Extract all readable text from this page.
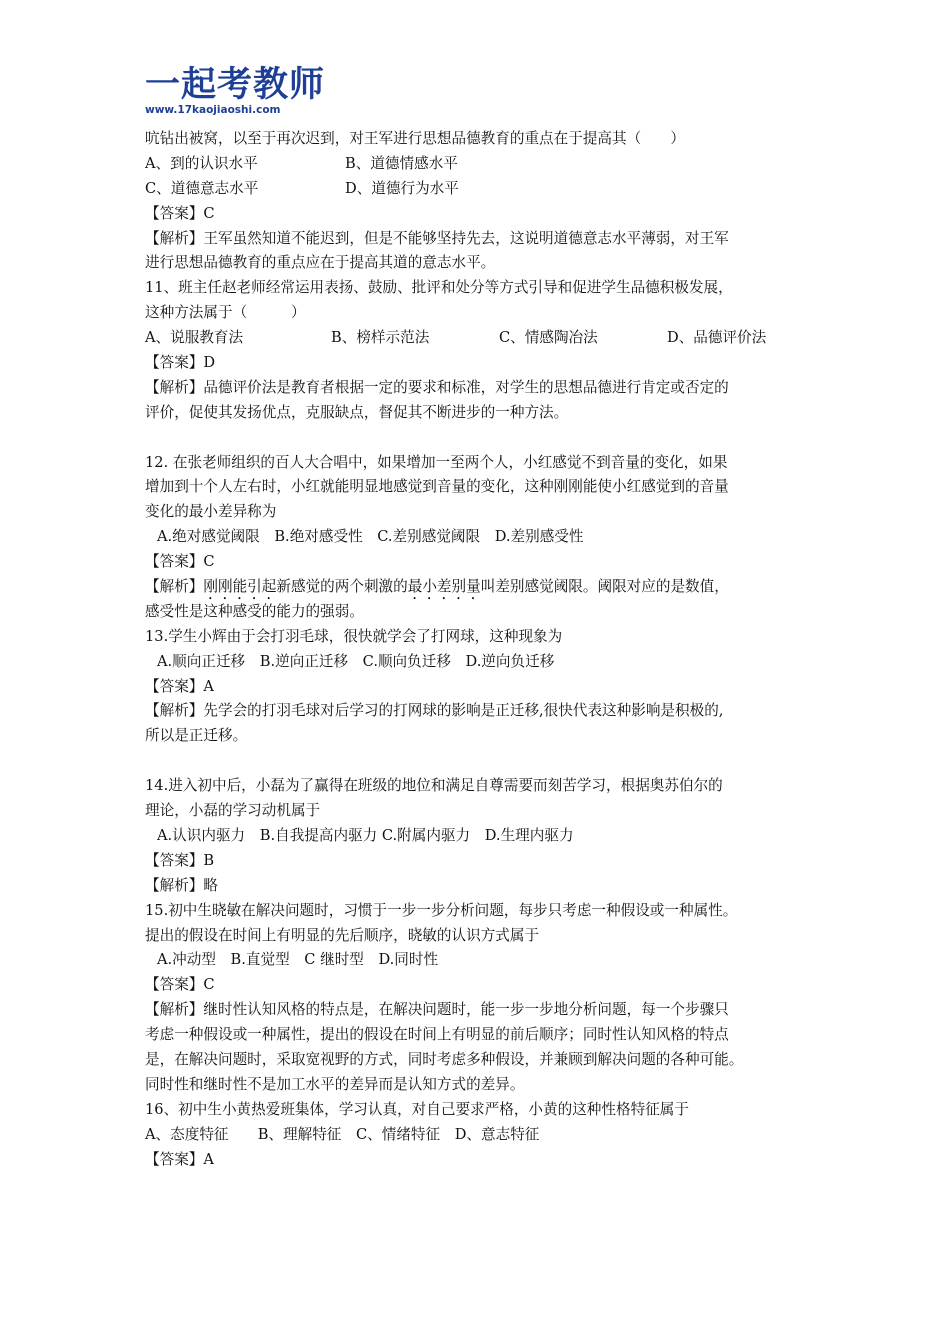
一起考教师
www.17kaojiaoshi.com
吭钻出被窝，以至于再次迟到，对王军进行思想品德教育的重点在于提高其（　　）
A、到的认识水平	B、道德情感水平
C、道德意志水平	D、道德行为水平
【答案】C
【解析】王军虽然知道不能迟到，但是不能够坚持先去，这说明道德意志水平薄弱，对王军
进行思想品德教育的重点应在于提高其道的意志水平。
11、班主任赵老师经常运用表扬、鼓励、批评和处分等方式引导和促进学生品德积极发展，
这种方法属于（　　　）
A、说服教育法	B、榜样示范法	C、情感陶冶法	D、品德评价法
【答案】D
【解析】品德评价法是教育者根据一定的要求和标准，对学生的思想品德进行肯定或否定的
评价，促使其发扬优点，克服缺点，督促其不断进步的一种方法。
12. 在张老师组织的百人大合唱中，如果增加一至两个人，小红感觉不到音量的变化，如果
增加到十个人左右时，小红就能明显地感觉到音量的变化，这种刚刚能使小红感觉到的音量
变化的最小差异称为
A.绝对感觉阈限　B.绝对感受性　C.差别感觉阈限　D.差别感受性
【答案】C
【解析】刚刚能引起新感觉的两个刺激的最小差别量叫差别感觉阈限。阈限对应的是数值，
感受性是这种感受的能力的强弱。
13.学生小辉由于会打羽毛球，很快就学会了打网球，这种现象为
A.顺向正迁移　B.逆向正迁移　C.顺向负迁移　D.逆向负迁移
【答案】A
【解析】先学会的打羽毛球对后学习的打网球的影响是正迁移,很快代表这种影响是积极的,
所以是正迁移。
14.进入初中后，小磊为了赢得在班级的地位和满足自尊需要而刻苦学习，根据奥苏伯尔的
理论，小磊的学习动机属于
A.认识内驱力　B.自我提高内驱力 C.附属内驱力　D.生理内驱力
【答案】B
【解析】略
15.初中生晓敏在解决问题时，习惯于一步一步分析问题，每步只考虑一种假设或一种属性。
提出的假设在时间上有明显的先后顺序，晓敏的认识方式属于
A.冲动型　B.直觉型　C 继时型　D.同时性
【答案】C
【解析】继时性认知风格的特点是，在解决问题时，能一步一步地分析问题，每一个步骤只
考虑一种假设或一种属性，提出的假设在时间上有明显的前后顺序；同时性认知风格的特点
是，在解决问题时，采取宽视野的方式，同时考虑多种假设，并兼顾到解决问题的各种可能。
同时性和继时性不是加工水平的差异而是认知方式的差异。
16、初中生小黄热爱班集体，学习认真，对自己要求严格，小黄的这种性格特征属于
A、态度特征　　B、理解特征　C、情绪特征　D、意志特征
【答案】A
